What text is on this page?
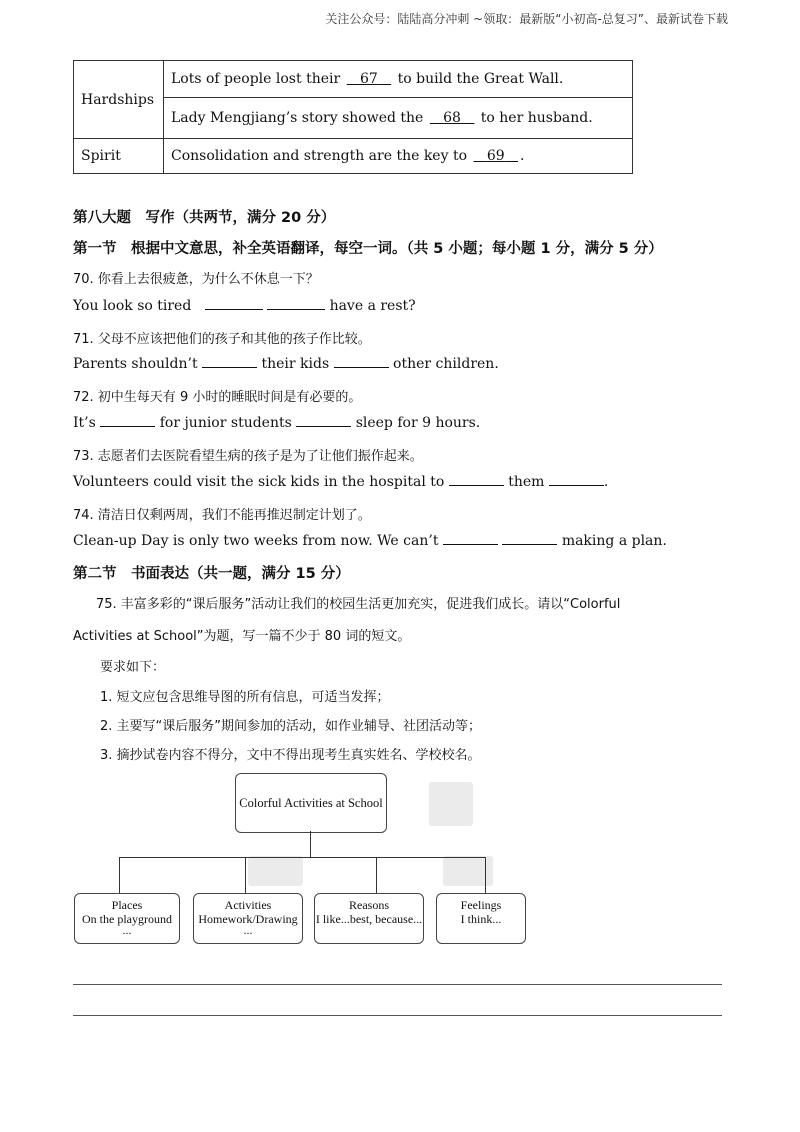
关注公众号：陆陆高分冲刺 ~领取：最新版“小初高-总复习”、最新试卷下载
Hardships	Lots of people lost their 67 to build the Great Wall.
	Lady Mengjiang’s story showed the 68 to her husband.
Spirit	Consolidation and strength are the key to 69 .
第八大题　写作（共两节，满分 20 分）
第一节　根据中文意思，补全英语翻译，每空一词。（共 5 小题；每小题 1 分，满分 5 分）
70. 你看上去很疲惫，为什么不休息一下？
You look so tired	have a rest?
71. 父母不应该把他们的孩子和其他的孩子作比较。
Parents shouldn’t	their kids	other children.
72. 初中生每天有 9 小时的睡眠时间是有必要的。
It’s	for junior students	sleep for 9 hours.
73. 志愿者们去医院看望生病的孩子是为了让他们振作起来。
Volunteers could visit the sick kids in the hospital to	them	.
74. 清洁日仅剩两周，我们不能再推迟制定计划了。
Clean-up Day is only two weeks from now. We can’t	making a plan.
第二节　书面表达（共一题，满分 15 分）
75. 丰富多彩的“课后服务”活动让我们的校园生活更加充实，促进我们成长。请以“Colorful
Activities at School”为题，写一篇不少于 80 词的短文。
要求如下：
1. 短文应包含思维导图的所有信息，可适当发挥；
2. 主要写“课后服务”期间参加的活动，如作业辅导、社团活动等；
3. 摘抄试卷内容不得分，文中不得出现考生真实姓名、学校校名。
Colorful Activities at School
Places
On the playground
...
Activities
Homework/Drawing
...
Reasons
I like...best, because...
Feelings
I think...
